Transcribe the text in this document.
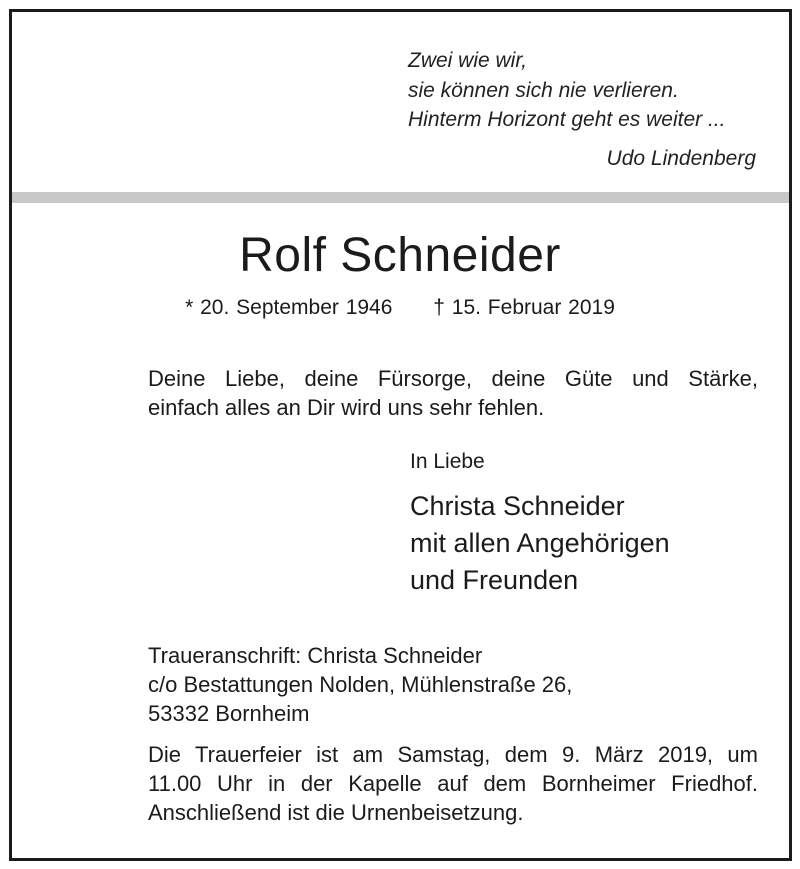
Zwei wie wir,
sie können sich nie verlieren.
Hinterm Horizont geht es weiter ...
Udo Lindenberg
Rolf Schneider
* 20. September 1946 † 15. Februar 2019
Deine Liebe, deine Fürsorge, deine Güte und Stärke,
einfach alles an Dir wird uns sehr fehlen.
In Liebe
Christa Schneider
mit allen Angehörigen
und Freunden
Traueranschrift: Christa Schneider
c/o Bestattungen Nolden, Mühlenstraße 26,
53332 Bornheim
Die Trauerfeier ist am Samstag, dem 9. März 2019, um
11.00 Uhr in der Kapelle auf dem Bornheimer Friedhof.
Anschließend ist die Urnenbeisetzung.
